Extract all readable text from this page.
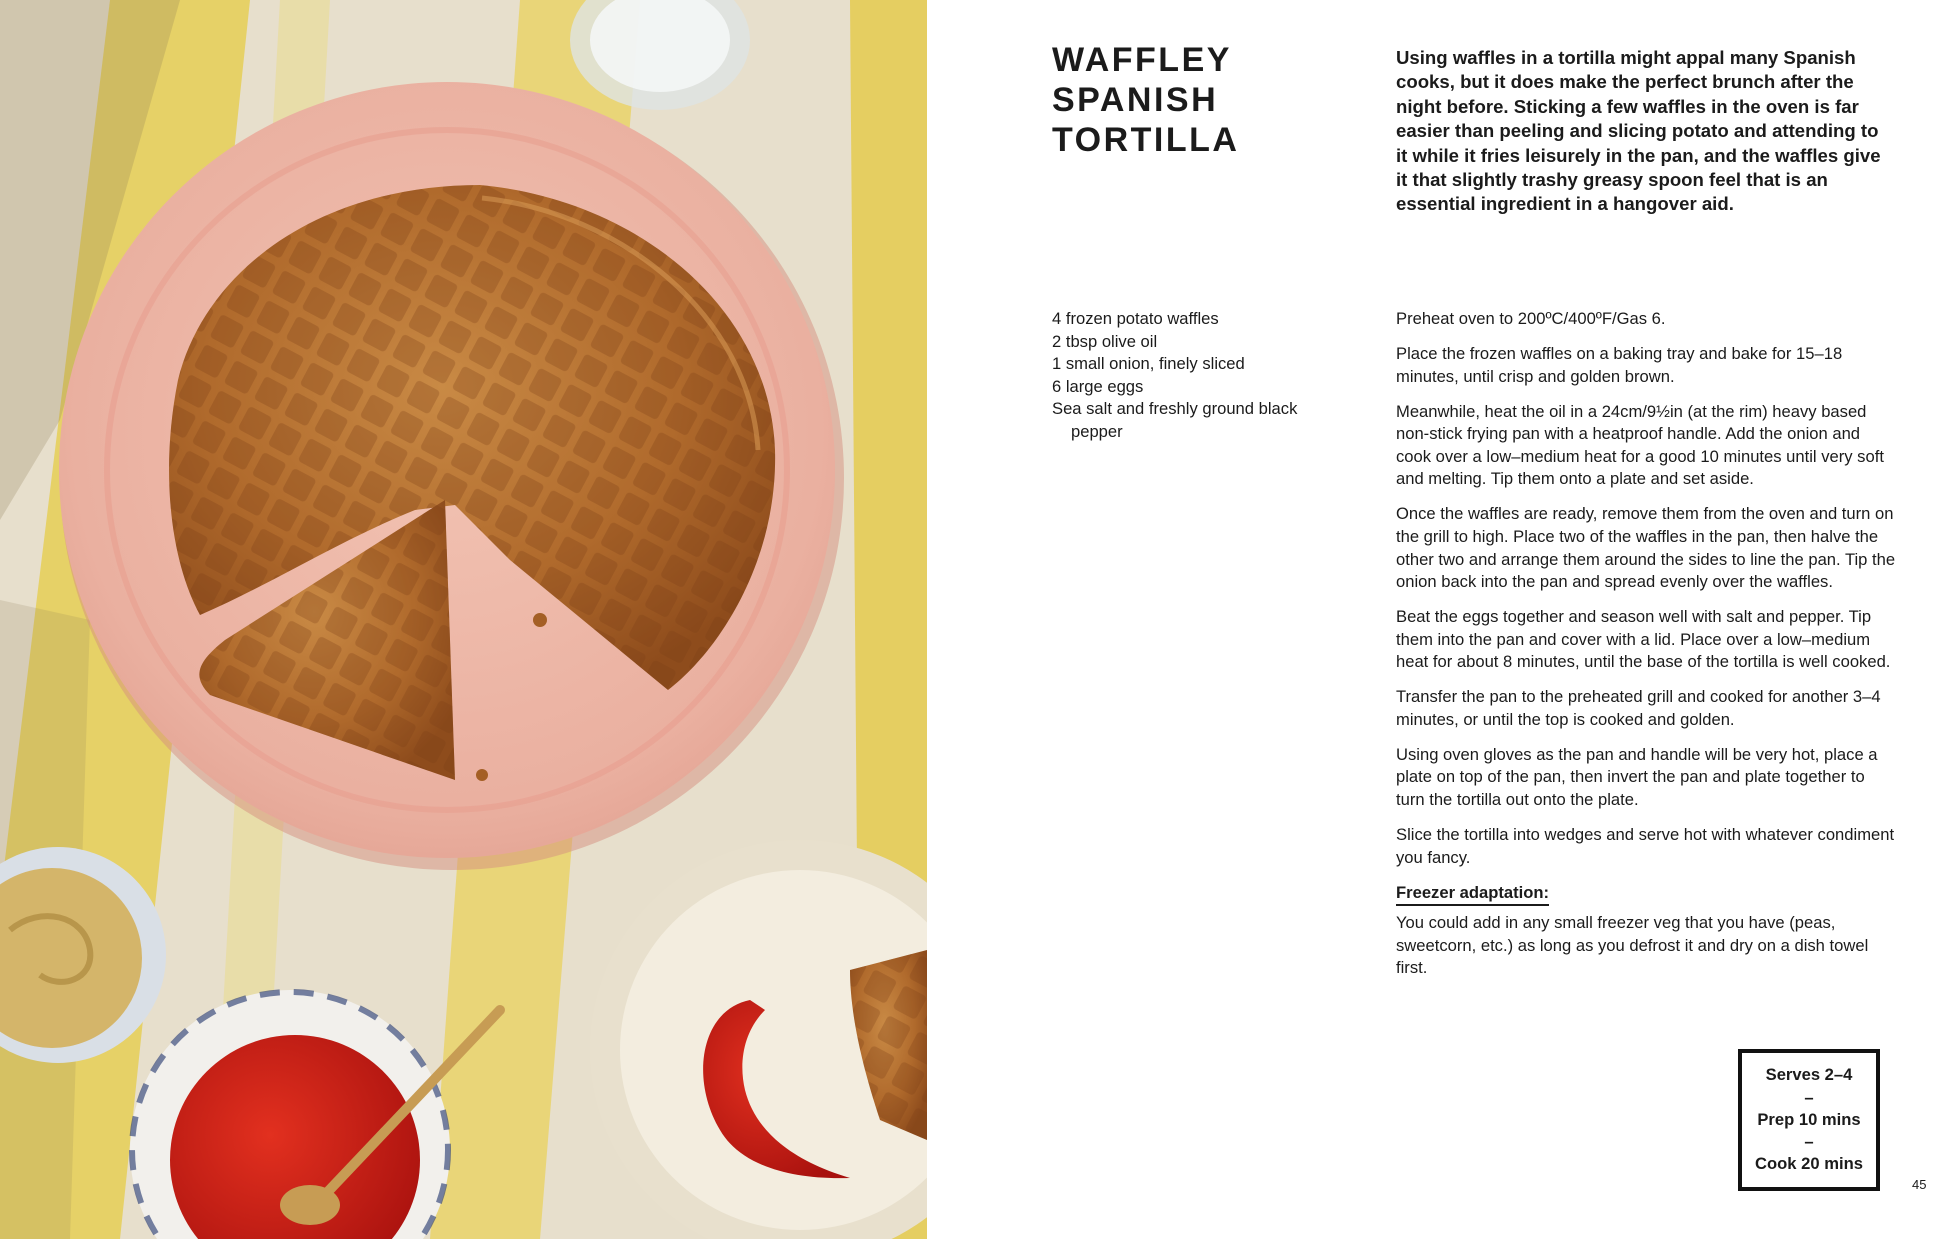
WAFFLEY
SPANISH
TORTILLA

Using waffles in a tortilla might appal many Spanish cooks, but it does make the perfect brunch after the night before. Sticking a few waffles in the oven is far easier than peeling and slicing potato and attending to it while it fries leisurely in the pan, and the waffles give it that slightly trashy greasy spoon feel that is an essential ingredient in a hangover aid.

4 frozen potato waffles
2 tbsp olive oil
1 small onion, finely sliced
6 large eggs
Sea salt and freshly ground black pepper

Preheat oven to 200ºC/400ºF/Gas 6.

Place the frozen waffles on a baking tray and bake for 15–18 minutes, until crisp and golden brown.

Meanwhile, heat the oil in a 24cm/9½in (at the rim) heavy based non-stick frying pan with a heatproof handle. Add the onion and cook over a low–medium heat for a good 10 minutes until very soft and melting. Tip them onto a plate and set aside.

Once the waffles are ready, remove them from the oven and turn on the grill to high. Place two of the waffles in the pan, then halve the other two and arrange them around the sides to line the pan. Tip the onion back into the pan and spread evenly over the waffles.

Beat the eggs together and season well with salt and pepper. Tip them into the pan and cover with a lid. Place over a low–medium heat for about 8 minutes, until the base of the tortilla is well cooked.

Transfer the pan to the preheated grill and cooked for another 3–4 minutes, or until the top is cooked and golden.

Using oven gloves as the pan and handle will be very hot, place a plate on top of the pan, then invert the pan and plate together to turn the tortilla out onto the plate.

Slice the tortilla into wedges and serve hot with whatever condiment you fancy.

Freezer adaptation:

You could add in any small freezer veg that you have (peas, sweetcorn, etc.) as long as you defrost it and dry on a dish towel first.

Serves 2–4
–
Prep 10 mins
–
Cook 20 mins
45
